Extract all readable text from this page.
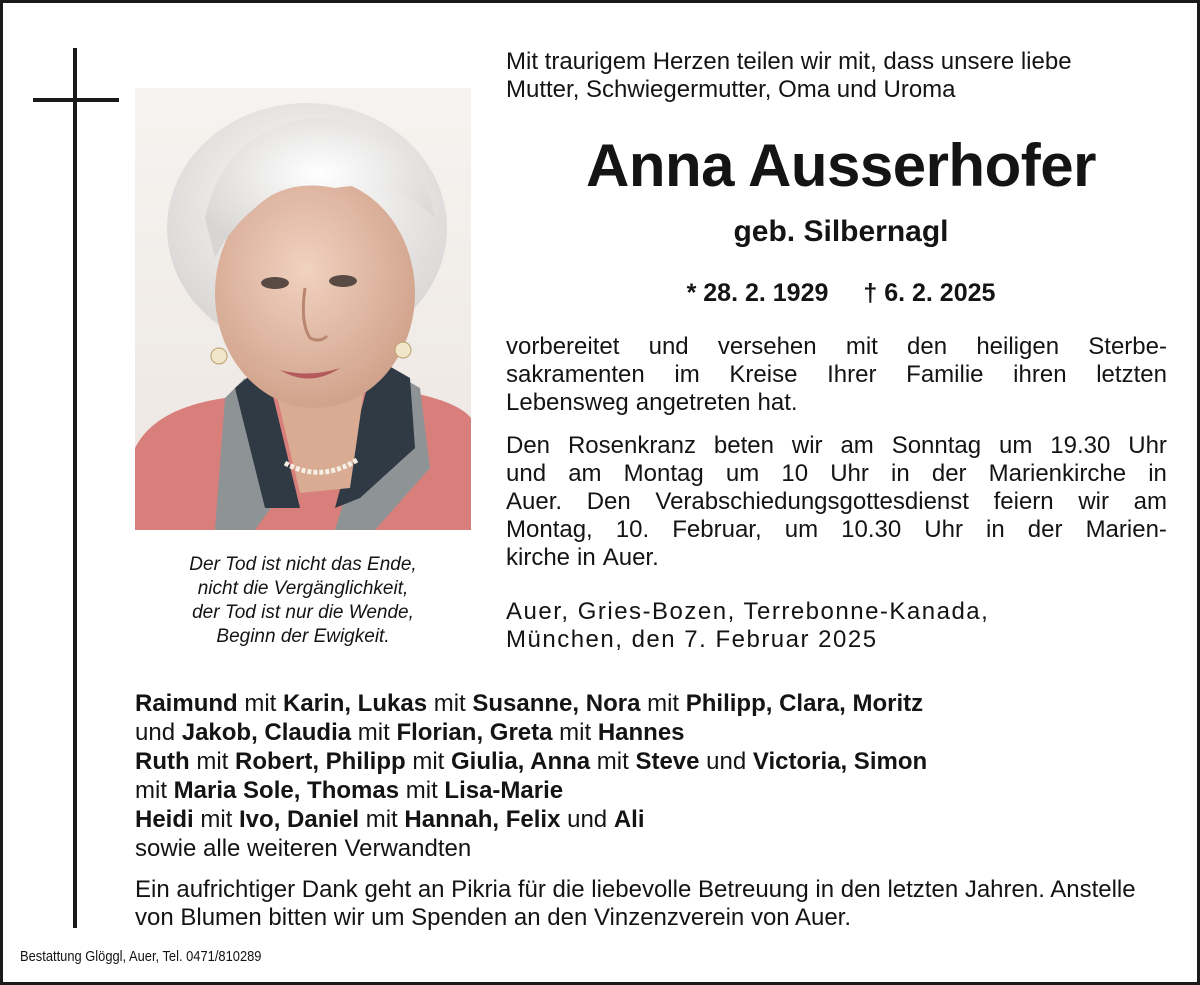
Der Tod ist nicht das Ende,
nicht die Vergänglichkeit,
der Tod ist nur die Wende,
Beginn der Ewigkeit.
Mit traurigem Herzen teilen wir mit, dass unsere liebe
Mutter, Schwiegermutter, Oma und Uroma
Anna Ausserhofer
geb. Silbernagl
* 28. 2. 1929 † 6. 2. 2025
vorbereitet und versehen mit den heiligen Sterbe-
sakramenten im Kreise Ihrer Familie ihren letzten
Lebensweg angetreten hat.
Den Rosenkranz beten wir am Sonntag um 19.30 Uhr
und am Montag um 10 Uhr in der Marienkirche in
Auer. Den Verabschiedungsgottesdienst feiern wir am
Montag, 10. Februar, um 10.30 Uhr in der Marien-
kirche in Auer.
Auer, Gries-Bozen, Terrebonne-Kanada,
München, den 7. Februar 2025
Raimund mit Karin, Lukas mit Susanne, Nora mit Philipp, Clara, Moritz
und Jakob, Claudia mit Florian, Greta mit Hannes
Ruth mit Robert, Philipp mit Giulia, Anna mit Steve und Victoria, Simon
mit Maria Sole, Thomas mit Lisa-Marie
Heidi mit Ivo, Daniel mit Hannah, Felix und Ali
sowie alle weiteren Verwandten
Ein aufrichtiger Dank geht an Pikria für die liebevolle Betreuung in den letzten Jahren. Anstelle von Blumen bitten wir um Spenden an den Vinzenzverein von Auer.
Bestattung Glöggl, Auer, Tel. 0471/810289
